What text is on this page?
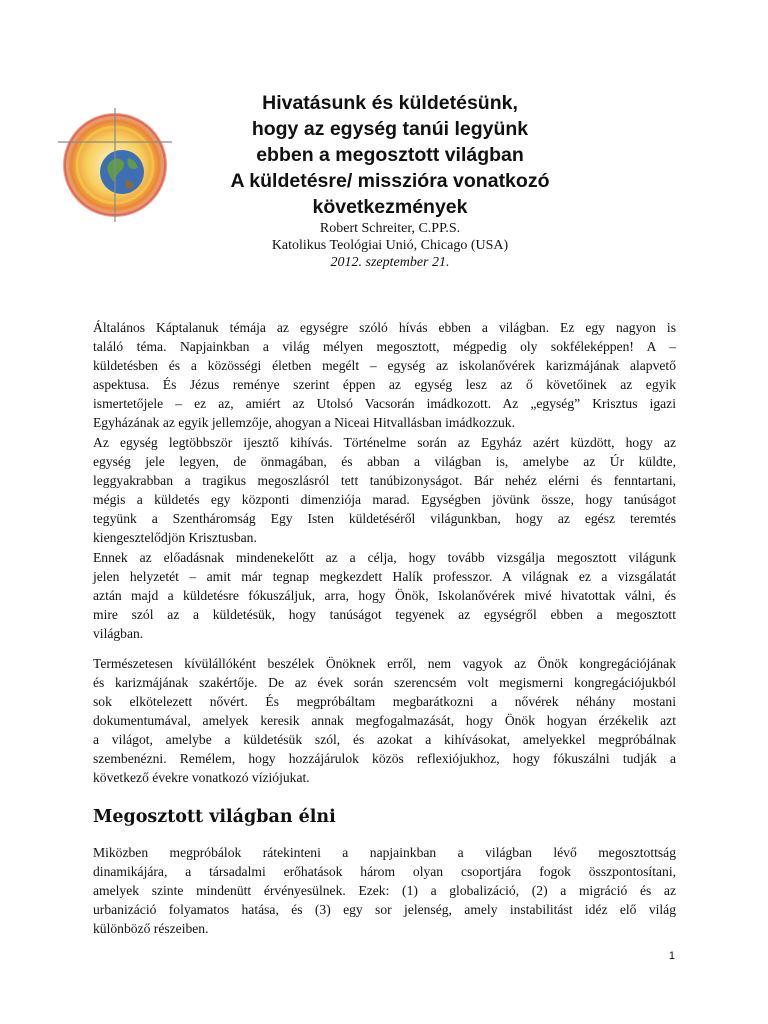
Hivatásunk és küldetésünk,
hogy az egység tanúi legyünk
ebben a megosztott világban
A küldetésre/ misszióra vonatkozó
következmények
Robert Schreiter, C.PP.S.
Katolikus Teológiai Unió, Chicago (USA)
2012. szeptember 21.
Általános Káptalanuk témája az egységre szóló hívás ebben a világban. Ez egy nagyon is
találó téma. Napjainkban a világ mélyen megosztott, mégpedig oly sokféleképpen! A –
küldetésben és a közösségi életben megélt – egység az iskolanővérek karizmájának alapvető
aspektusa. És Jézus reménye szerint éppen az egység lesz az ő követőinek az egyik
ismertetőjele – ez az, amiért az Utolsó Vacsorán imádkozott. Az „egység” Krisztus igazi
Egyházának az egyik jellemzője, ahogyan a Niceai Hitvallásban imádkozzuk.
Az egység legtöbbször ijesztő kihívás. Történelme során az Egyház azért küzdött, hogy az
egység jele legyen, de önmagában, és abban a világban is, amelybe az Úr küldte,
leggyakrabban a tragikus megoszlásról tett tanúbizonyságot. Bár nehéz elérni és fenntartani,
mégis a küldetés egy központi dimenziója marad. Egységben jövünk össze, hogy tanúságot
tegyünk a Szentháromság Egy Isten küldetéséről világunkban, hogy az egész teremtés
kiengesztelődjön Krisztusban.
Ennek az előadásnak mindenekelőtt az a célja, hogy tovább vizsgálja megosztott világunk
jelen helyzetét – amit már tegnap megkezdett Halík professzor. A világnak ez a vizsgálatát
aztán majd a küldetésre fókuszáljuk, arra, hogy Önök, Iskolanővérek mivé hivatottak válni, és
mire szól az a küldetésük, hogy tanúságot tegyenek az egységről ebben a megosztott
világban.
Természetesen kívülállóként beszélek Önöknek erről, nem vagyok az Önök kongregációjának
és karizmájának szakértője. De az évek során szerencsém volt megismerni kongregációjukból
sok elkötelezett nővért. És megpróbáltam megbarátkozni a nővérek néhány mostani
dokumentumával, amelyek keresik annak megfogalmazását, hogy Önök hogyan érzékelik azt
a világot, amelybe a küldetésük szól, és azokat a kihívásokat, amelyekkel megpróbálnak
szembenézni. Remélem, hogy hozzájárulok közös reflexiójukhoz, hogy fókuszálni tudják a
következő évekre vonatkozó víziójukat.
Megosztott világban élni
Miközben megpróbálok rátekinteni a napjainkban a világban lévő megosztottság
dinamikájára, a társadalmi erőhatások három olyan csoportjára fogok összpontosítani,
amelyek szinte mindenütt érvényesülnek. Ezek: (1) a globalizáció, (2) a migráció és az
urbanizáció folyamatos hatása, és (3) egy sor jelenség, amely instabilitást idéz elő világ
különböző részeiben.
1
